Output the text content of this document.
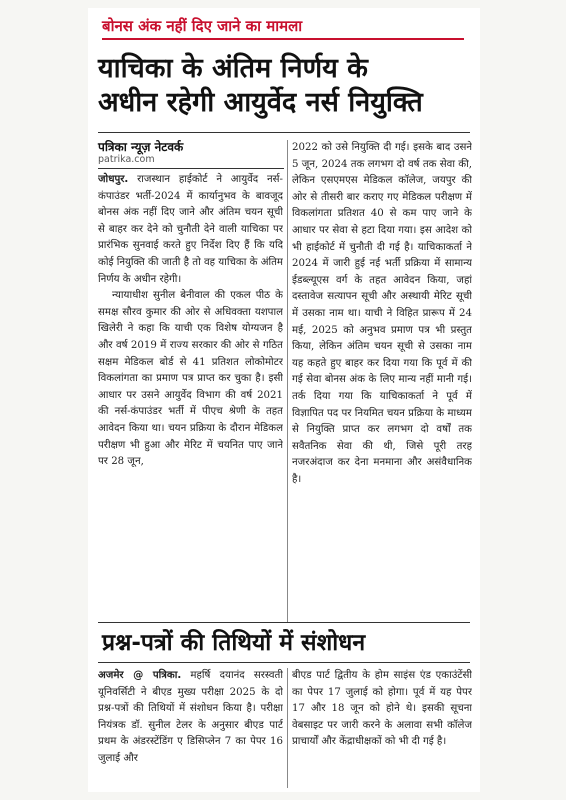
बोनस अंक नहीं दिए जाने का मामला
याचिका के अंतिम निर्णय के
अधीन रहेगी आयुर्वेद नर्स नियुक्ति
पत्रिका न्यूज़ नेटवर्क
patrika.com

जोधपुर. राजस्थान हाईकोर्ट ने आयुर्वेद नर्स-कंपाउंडर भर्ती-2024 में कार्यानुभव के बावजूद बोनस अंक नहीं दिए जाने और अंतिम चयन सूची से बाहर कर देने को चुनौती देने वाली याचिका पर प्रारंभिक सुनवाई करते हुए निर्देश दिए हैं कि यदि कोई नियुक्ति की जाती है तो वह याचिका के अंतिम निर्णय के अधीन रहेगी।

न्यायाधीश सुनील बेनीवाल की एकल पीठ के समक्ष सौरव कुमार की ओर से अधिवक्ता यशपाल खिलेरी ने कहा कि याची एक विशेष योग्यजन है और वर्ष 2019 में राज्य सरकार की ओर से गठित सक्षम मेडिकल बोर्ड से 41 प्रतिशत लोकोमोटर विकलांगता का प्रमाण पत्र प्राप्त कर चुका है। इसी आधार पर उसने आयुर्वेद विभाग की वर्ष 2021 की नर्स-कंपाउंडर भर्ती में पीएच श्रेणी के तहत आवेदन किया था। चयन प्रक्रिया के दौरान मेडिकल परीक्षण भी हुआ और मेरिट में चयनित पाए जाने पर 28 जून,

2022 को उसे नियुक्ति दी गई। इसके बाद उसने 5 जून, 2024 तक लगभग दो वर्ष तक सेवा की, लेकिन एसएमएस मेडिकल कॉलेज, जयपुर की ओर से तीसरी बार कराए गए मेडिकल परीक्षण में विकलांगता प्रतिशत 40 से कम पाए जाने के आधार पर सेवा से हटा दिया गया। इस आदेश को भी हाईकोर्ट में चुनौती दी गई है। याचिकाकर्ता ने 2024 में जारी हुई नई भर्ती प्रक्रिया में सामान्य ईडब्ल्यूएस वर्ग के तहत आवेदन किया, जहां दस्तावेज सत्यापन सूची और अस्थायी मेरिट सूची में उसका नाम था। याची ने विहित प्रारूप में 24 मई, 2025 को अनुभव प्रमाण पत्र भी प्रस्तुत किया, लेकिन अंतिम चयन सूची से उसका नाम यह कहते हुए बाहर कर दिया गया कि पूर्व में की गई सेवा बोनस अंक के लिए मान्य नहीं मानी गई। तर्क दिया गया कि याचिकाकर्ता ने पूर्व में विज्ञापित पद पर नियमित चयन प्रक्रिया के माध्यम से नियुक्ति प्राप्त कर लगभग दो वर्षों तक सवैतनिक सेवा की थी, जिसे पूरी तरह नजरअंदाज कर देना मनमाना और असंवैधानिक है।

प्रश्न-पत्रों की तिथियों में संशोधन

अजमेर @ पत्रिका. महर्षि दयानंद सरस्वती यूनिवर्सिटी ने बीएड मुख्य परीक्षा 2025 के दो प्रश्न-पत्रों की तिथियों में संशोधन किया है। परीक्षा नियंत्रक डॉ. सुनील टेलर के अनुसार बीएड पार्ट प्रथम के अंडरस्टेंडिंग ए डिसिप्लेन 7 का पेपर 16 जुलाई और

बीएड पार्ट द्वितीय के होम साइंस एंड एकाउंटेंसी का पेपर 17 जुलाई को होगा। पूर्व में यह पेपर 17 और 18 जून को होने थे। इसकी सूचना वेबसाइट पर जारी करने के अलावा सभी कॉलेज प्राचार्यों और केंद्राधीक्षकों को भी दी गई है।
